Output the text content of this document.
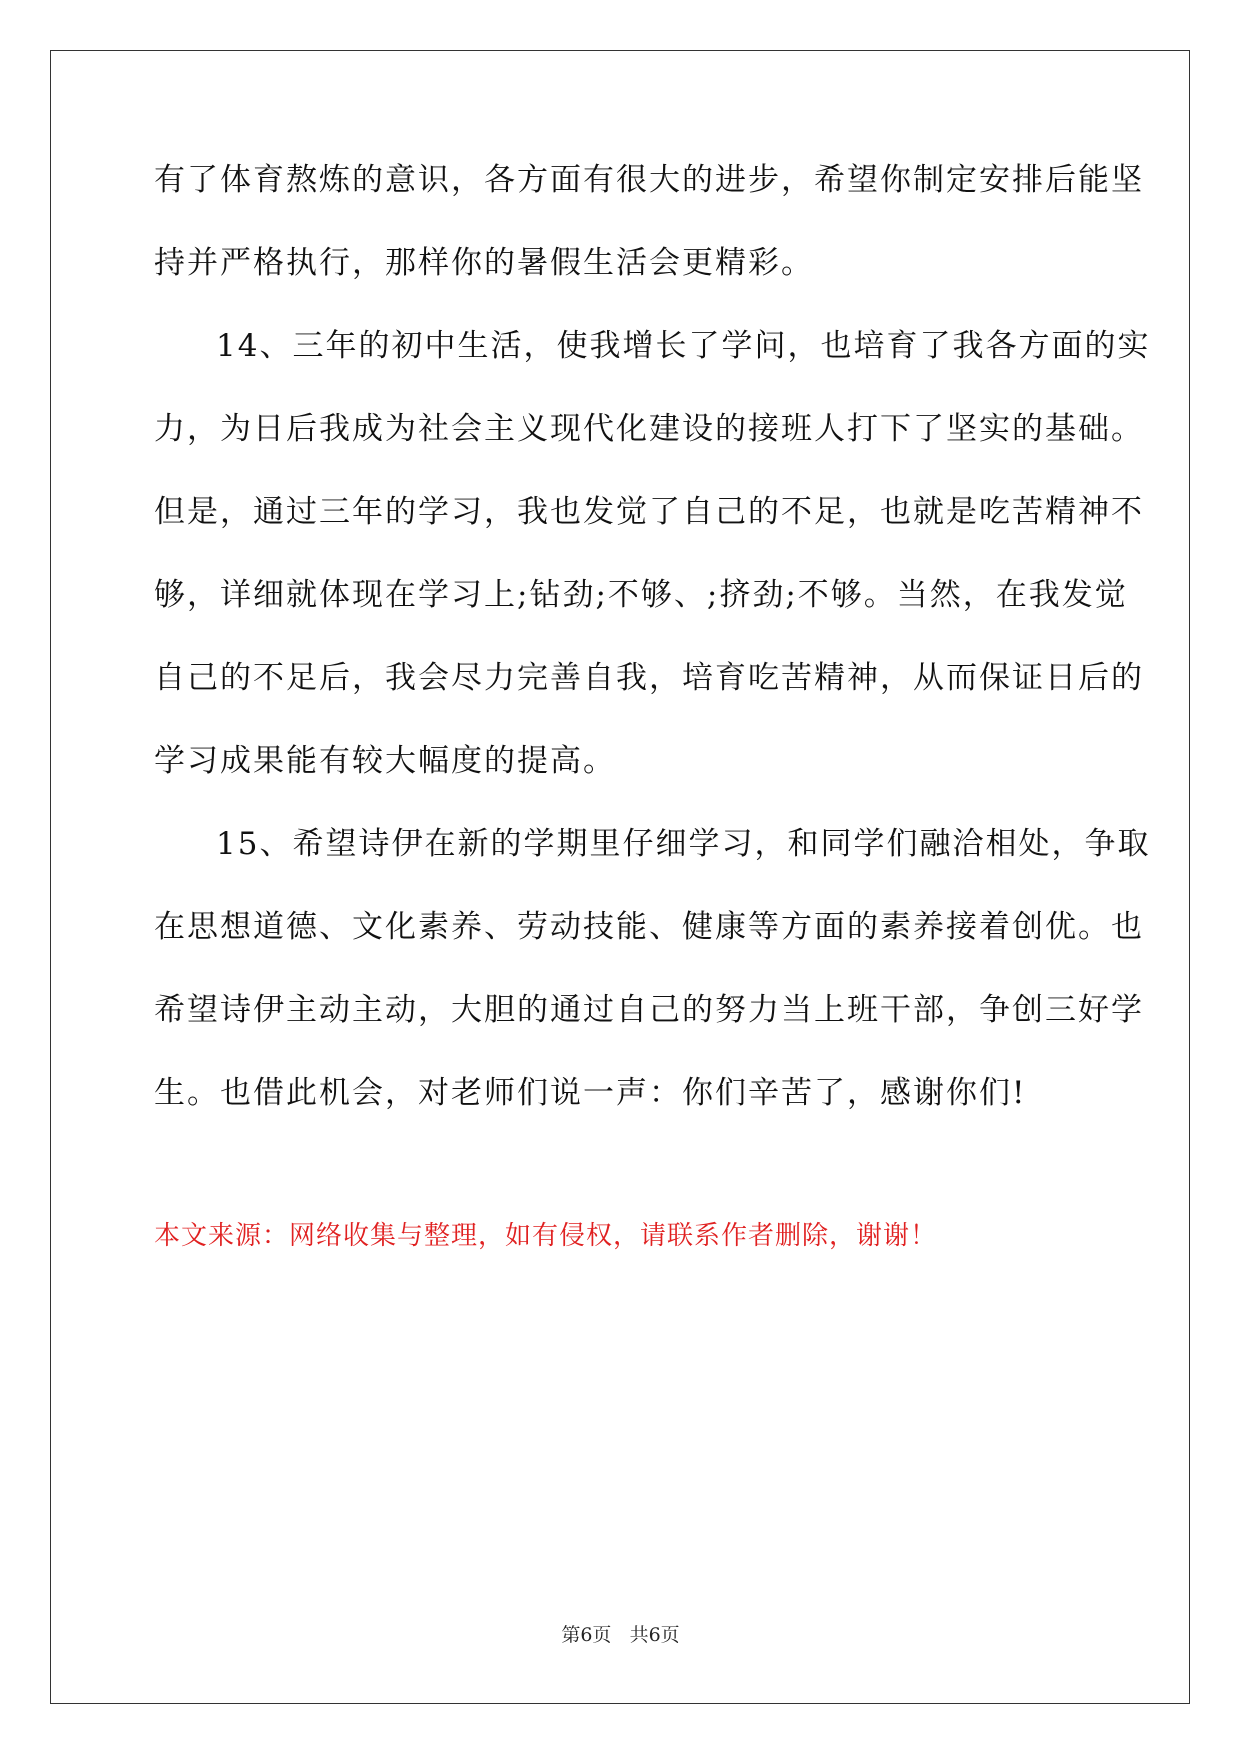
有了体育熬炼的意识，各方面有很大的进步，希望你制定安排后能坚
持并严格执行，那样你的暑假生活会更精彩。
14、三年的初中生活，使我增长了学问，也培育了我各方面的实
力，为日后我成为社会主义现代化建设的接班人打下了坚实的基础。
但是，通过三年的学习，我也发觉了自己的不足，也就是吃苦精神不
够，详细就体现在学习上;钻劲;不够、;挤劲;不够。当然，在我发觉
自己的不足后，我会尽力完善自我，培育吃苦精神，从而保证日后的
学习成果能有较大幅度的提高。
15、希望诗伊在新的学期里仔细学习，和同学们融洽相处，争取
在思想道德、文化素养、劳动技能、健康等方面的素养接着创优。也
希望诗伊主动主动，大胆的通过自己的努力当上班干部，争创三好学
生。也借此机会，对老师们说一声：你们辛苦了，感谢你们!
本文来源：网络收集与整理，如有侵权，请联系作者删除，谢谢！
第6页 共6页
